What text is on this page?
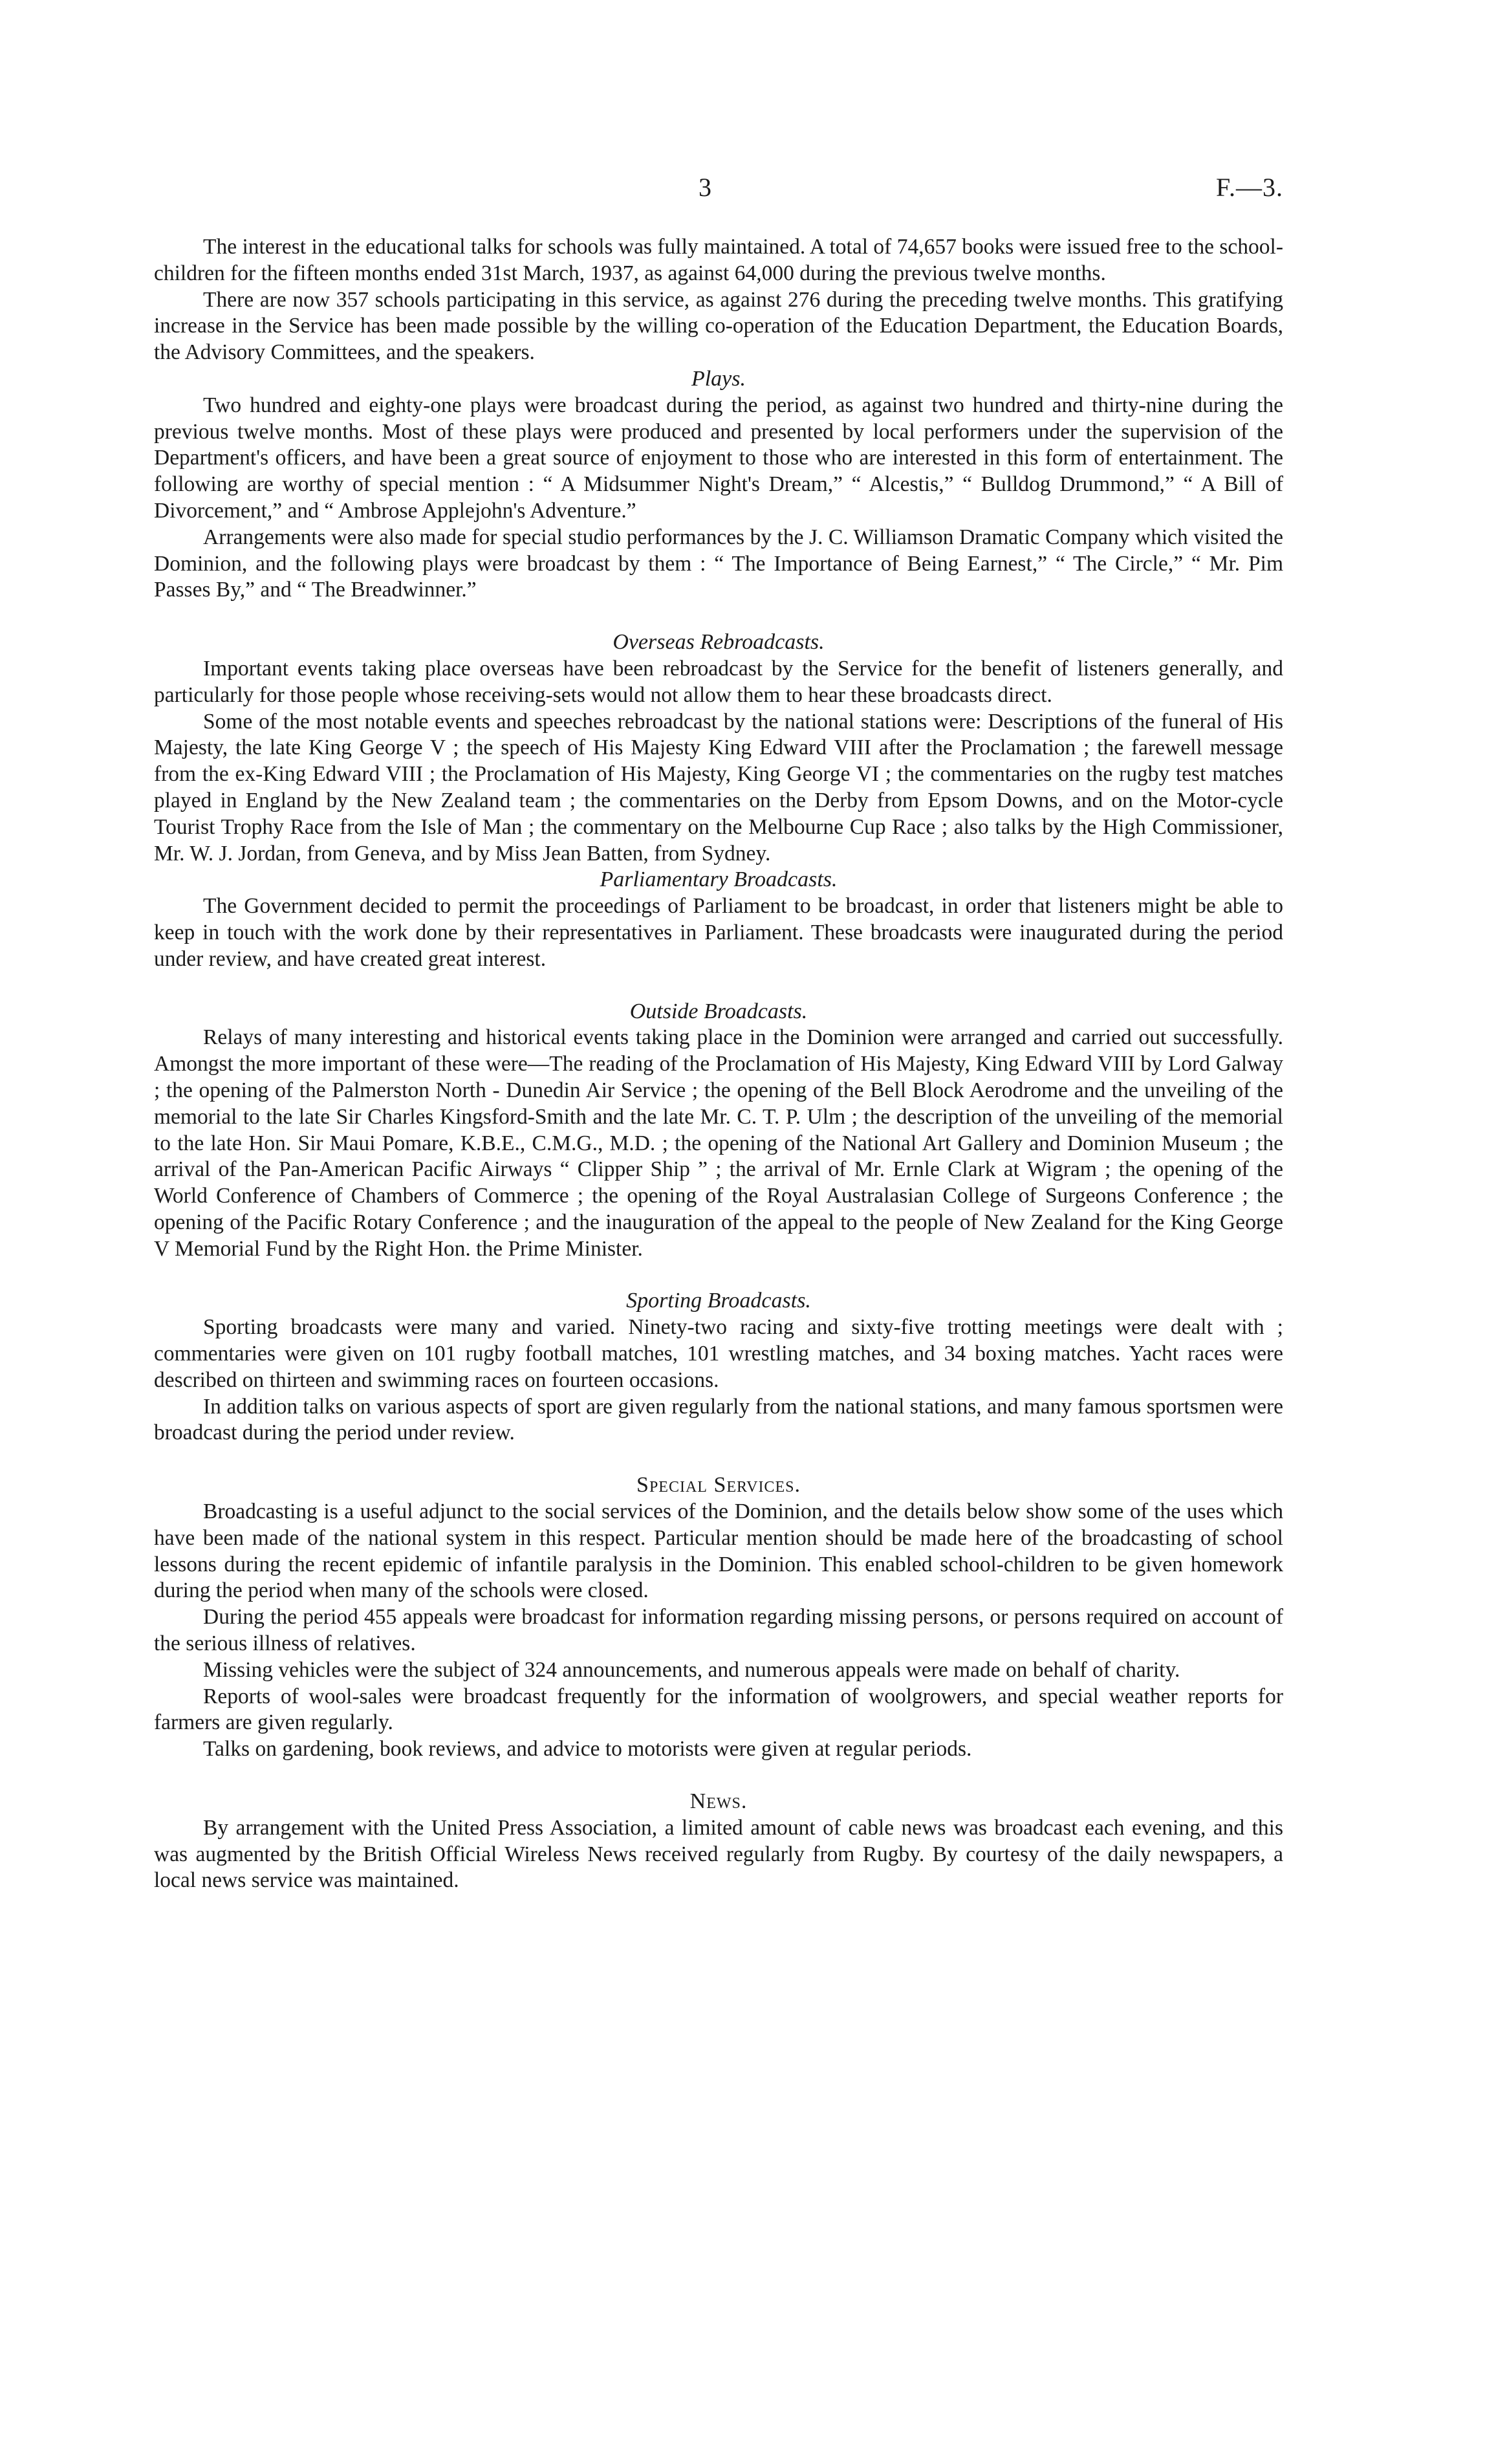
3	F.—3.

The interest in the educational talks for schools was fully maintained. A total of 74,657 books were issued free to the school-children for the fifteen months ended 31st March, 1937, as against 64,000 during the previous twelve months.

There are now 357 schools participating in this service, as against 276 during the preceding twelve months. This gratifying increase in the Service has been made possible by the willing co-operation of the Education Department, the Education Boards, the Advisory Committees, and the speakers.

Plays.

Two hundred and eighty-one plays were broadcast during the period, as against two hundred and thirty-nine during the previous twelve months. Most of these plays were produced and presented by local performers under the supervision of the Department's officers, and have been a great source of enjoyment to those who are interested in this form of entertainment. The following are worthy of special mention : “ A Midsummer Night's Dream,” “ Alcestis,” “ Bulldog Drummond,” “ A Bill of Divorcement,” and “ Ambrose Applejohn's Adventure.”

Arrangements were also made for special studio performances by the J. C. Williamson Dramatic Company which visited the Dominion, and the following plays were broadcast by them : “ The Importance of Being Earnest,” “ The Circle,” “ Mr. Pim Passes By,” and “ The Breadwinner.”

Overseas Rebroadcasts.

Important events taking place overseas have been rebroadcast by the Service for the benefit of listeners generally, and particularly for those people whose receiving-sets would not allow them to hear these broadcasts direct.

Some of the most notable events and speeches rebroadcast by the national stations were: Descriptions of the funeral of His Majesty, the late King George V ; the speech of His Majesty King Edward VIII after the Proclamation ; the farewell message from the ex-King Edward VIII ; the Proclamation of His Majesty, King George VI ; the commentaries on the rugby test matches played in England by the New Zealand team ; the commentaries on the Derby from Epsom Downs, and on the Motor-cycle Tourist Trophy Race from the Isle of Man ; the commentary on the Melbourne Cup Race ; also talks by the High Commissioner, Mr. W. J. Jordan, from Geneva, and by Miss Jean Batten, from Sydney.

Parliamentary Broadcasts.

The Government decided to permit the proceedings of Parliament to be broadcast, in order that listeners might be able to keep in touch with the work done by their representatives in Parliament. These broadcasts were inaugurated during the period under review, and have created great interest.

Outside Broadcasts.

Relays of many interesting and historical events taking place in the Dominion were arranged and carried out successfully. Amongst the more important of these were—The reading of the Proclamation of His Majesty, King Edward VIII by Lord Galway ; the opening of the Palmerston North - Dunedin Air Service ; the opening of the Bell Block Aerodrome and the unveiling of the memorial to the late Sir Charles Kingsford-Smith and the late Mr. C. T. P. Ulm ; the description of the unveiling of the memorial to the late Hon. Sir Maui Pomare, K.B.E., C.M.G., M.D. ; the opening of the National Art Gallery and Dominion Museum ; the arrival of the Pan-American Pacific Airways “ Clipper Ship ” ; the arrival of Mr. Ernle Clark at Wigram ; the opening of the World Conference of Chambers of Commerce ; the opening of the Royal Australasian College of Surgeons Conference ; the opening of the Pacific Rotary Conference ; and the inauguration of the appeal to the people of New Zealand for the King George V Memorial Fund by the Right Hon. the Prime Minister.

Sporting Broadcasts.

Sporting broadcasts were many and varied. Ninety-two racing and sixty-five trotting meetings were dealt with ; commentaries were given on 101 rugby football matches, 101 wrestling matches, and 34 boxing matches. Yacht races were described on thirteen and swimming races on fourteen occasions.

In addition talks on various aspects of sport are given regularly from the national stations, and many famous sportsmen were broadcast during the period under review.

Special Services.

Broadcasting is a useful adjunct to the social services of the Dominion, and the details below show some of the uses which have been made of the national system in this respect. Particular mention should be made here of the broadcasting of school lessons during the recent epidemic of infantile paralysis in the Dominion. This enabled school-children to be given homework during the period when many of the schools were closed.

During the period 455 appeals were broadcast for information regarding missing persons, or persons required on account of the serious illness of relatives.

Missing vehicles were the subject of 324 announcements, and numerous appeals were made on behalf of charity.

Reports of wool-sales were broadcast frequently for the information of woolgrowers, and special weather reports for farmers are given regularly.

Talks on gardening, book reviews, and advice to motorists were given at regular periods.

News.

By arrangement with the United Press Association, a limited amount of cable news was broadcast each evening, and this was augmented by the British Official Wireless News received regularly from Rugby. By courtesy of the daily newspapers, a local news service was maintained.
